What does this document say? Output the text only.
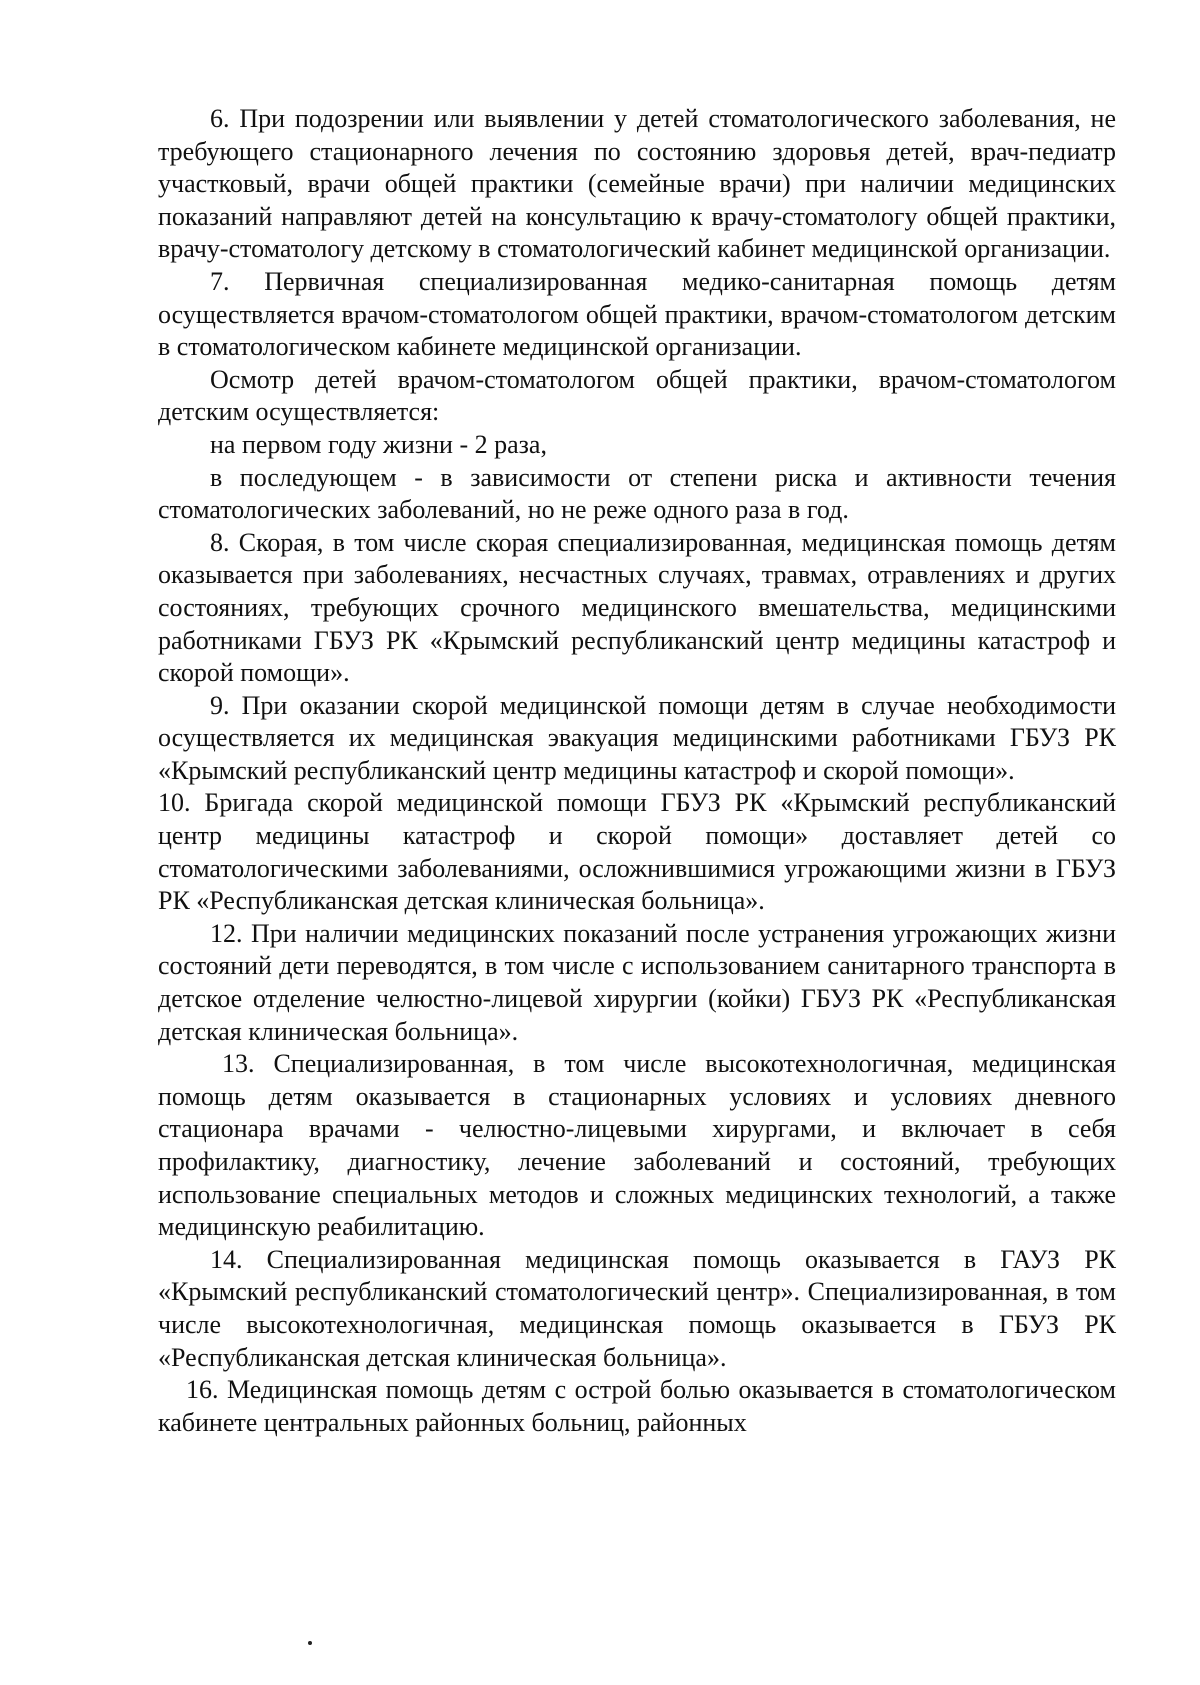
6. При подозрении или выявлении у детей стоматологического заболевания, не требующего стационарного лечения по состоянию здоровья детей, врач-педиатр участковый, врачи общей практики (семейные врачи) при наличии медицинских показаний направляют детей на консультацию к врачу-стоматологу общей практики, врачу-стоматологу детскому в стоматологический кабинет медицинской организации.

7. Первичная специализированная медико-санитарная помощь детям осуществляется врачом-стоматологом общей практики, врачом-стоматологом детским в стоматологическом кабинете медицинской организации.

Осмотр детей врачом-стоматологом общей практики, врачом-стоматологом детским осуществляется:

на первом году жизни - 2 раза,

в последующем - в зависимости от степени риска и активности течения стоматологических заболеваний, но не реже одного раза в год.

8. Скорая, в том числе скорая специализированная, медицинская помощь детям оказывается при заболеваниях, несчастных случаях, травмах, отравлениях и других состояниях, требующих срочного медицинского вмешательства, медицинскими работниками ГБУЗ РК «Крымский республиканский центр медицины катастроф и скорой помощи».

9. При оказании скорой медицинской помощи детям в случае необходимости осуществляется их медицинская эвакуация медицинскими работниками ГБУЗ РК «Крымский республиканский центр медицины катастроф и скорой помощи».

10. Бригада скорой медицинской помощи ГБУЗ РК «Крымский республиканский центр медицины катастроф и скорой помощи» доставляет детей со стоматологическими заболеваниями, осложнившимися угрожающими жизни в ГБУЗ РК «Республиканская детская клиническая больница».

12. При наличии медицинских показаний после устранения угрожающих жизни состояний дети переводятся, в том числе с использованием санитарного транспорта в детское отделение челюстно-лицевой хирургии (койки) ГБУЗ РК «Республиканская детская клиническая больница».

13. Специализированная, в том числе высокотехнологичная, медицинская помощь детям оказывается в стационарных условиях и условиях дневного стационара врачами - челюстно-лицевыми хирургами, и включает в себя профилактику, диагностику, лечение заболеваний и состояний, требующих использование специальных методов и сложных медицинских технологий, а также медицинскую реабилитацию.

14. Специализированная медицинская помощь оказывается в ГАУЗ РК «Крымский республиканский стоматологический центр». Специализированная, в том числе высокотехнологичная, медицинская помощь оказывается в ГБУЗ РК «Республиканская детская клиническая больница».

16. Медицинская помощь детям с острой болью оказывается в стоматологическом кабинете центральных районных больниц, районных
